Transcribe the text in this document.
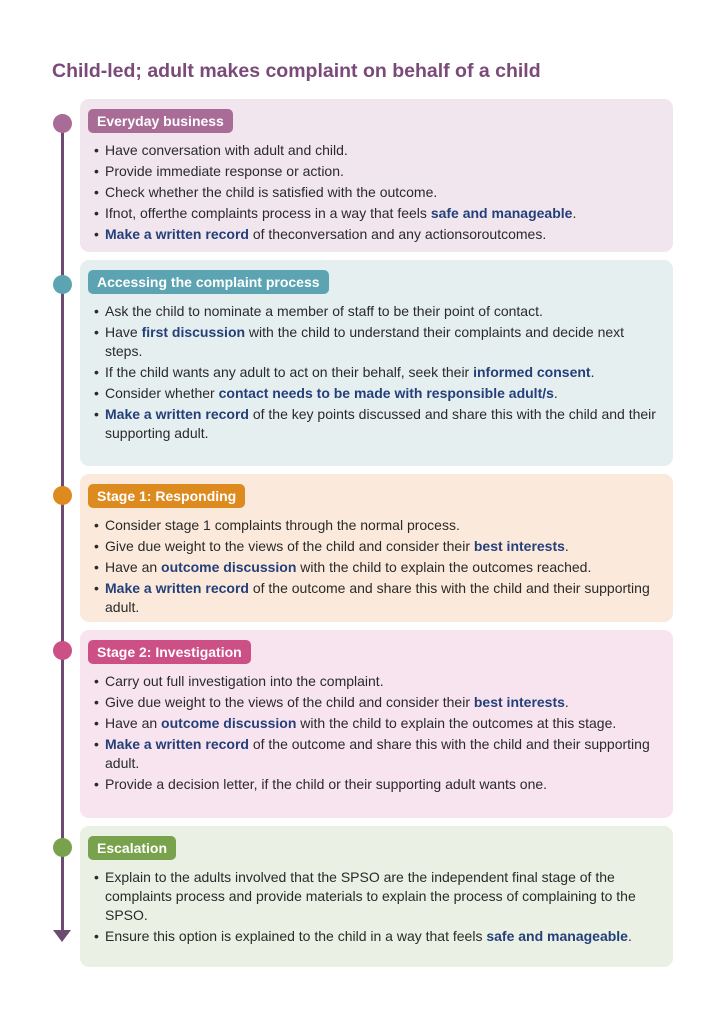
Child-led; adult makes complaint on behalf of a child
Everyday business
• Have conversation with adult and child.
• Provide immediate response or action.
• Check whether the child is satisfied with the outcome.
• Ifnot, offerthe complaints process in a way that feels safe and manageable.
• Make a written record of theconversation and any actionsoroutcomes.
Accessing the complaint process
• Ask the child to nominate a member of staff to be their point of contact.
• Have first discussion with the child to understand their complaints and decide next steps.
• If the child wants any adult to act on their behalf, seek their informed consent.
• Consider whether contact needs to be made with responsible adult/s.
• Make a written record of the key points discussed and share this with the child and their supporting adult.
Stage 1: Responding
• Consider stage 1 complaints through the normal process.
• Give due weight to the views of the child and consider their best interests.
• Have an outcome discussion with the child to explain the outcomes reached.
• Make a written record of the outcome and share this with the child and their supporting adult.
Stage 2: Investigation
• Carry out full investigation into the complaint.
• Give due weight to the views of the child and consider their best interests.
• Have an outcome discussion with the child to explain the outcomes at this stage.
• Make a written record of the outcome and share this with the child and their supporting adult.
• Provide a decision letter, if the child or their supporting adult wants one.
Escalation
• Explain to the adults involved that the SPSO are the independent final stage of the complaints process and provide materials to explain the process of complaining to the SPSO.
• Ensure this option is explained to the child in a way that feels safe and manageable.
